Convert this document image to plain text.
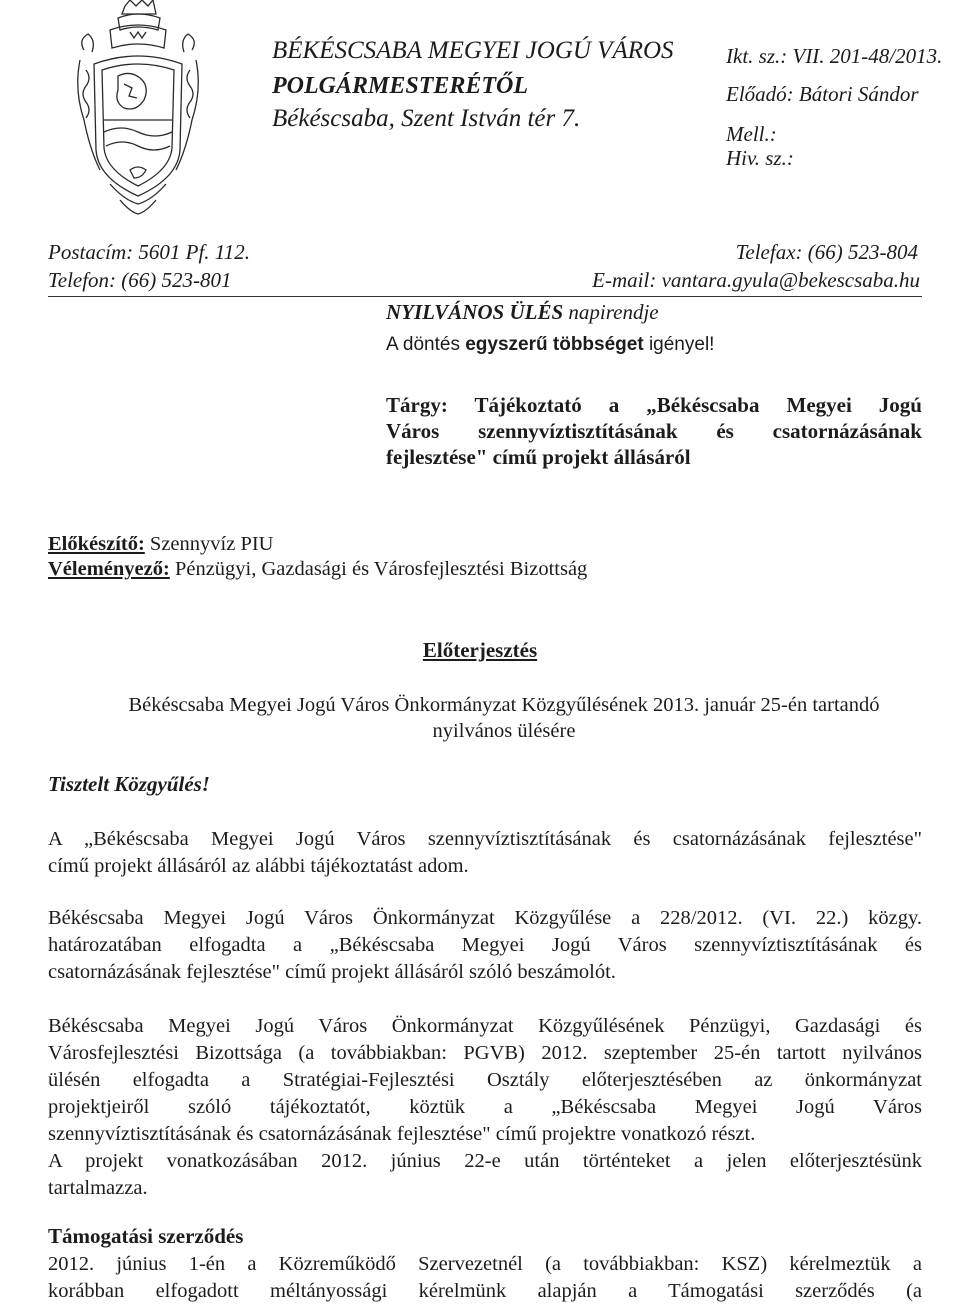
BÉKÉSCSABA MEGYEI JOGÚ VÁROS
POLGÁRMESTERÉTŐL
Békéscsaba, Szent István tér 7.
Ikt. sz.: VII. 201-48/2013.
Előadó: Bátori Sándor
Mell.:
Hiv. sz.:
Postacím: 5601 Pf. 112.
Telefon: (66) 523-801
Telefax: (66) 523-804
E-mail: vantara.gyula@bekescsaba.hu
NYILVÁNOS ÜLÉS napirendje
A döntés egyszerű többséget igényel!
Tárgy: Tájékoztató a „Békéscsaba Megyei Jogú
Város szennyvíztisztításának és csatornázásának
fejlesztése" című projekt állásáról
Előkészítő: Szennyvíz PIU
Véleményező: Pénzügyi, Gazdasági és Városfejlesztési Bizottság
Előterjesztés
Békéscsaba Megyei Jogú Város Önkormányzat Közgyűlésének 2013. január 25-én tartandó
nyilvános ülésére
Tisztelt Közgyűlés!
A „Békéscsaba Megyei Jogú Város szennyvíztisztításának és csatornázásának fejlesztése"
című projekt állásáról az alábbi tájékoztatást adom.
Békéscsaba Megyei Jogú Város Önkormányzat Közgyűlése a 228/2012. (VI. 22.) közgy.
határozatában elfogadta a „Békéscsaba Megyei Jogú Város szennyvíztisztításának és
csatornázásának fejlesztése" című projekt állásáról szóló beszámolót.
Békéscsaba Megyei Jogú Város Önkormányzat Közgyűlésének Pénzügyi, Gazdasági és
Városfejlesztési Bizottsága (a továbbiakban: PGVB) 2012. szeptember 25-én tartott nyilvános
ülésén elfogadta a Stratégiai-Fejlesztési Osztály előterjesztésében az önkormányzat
projektjeiről szóló tájékoztatót, köztük a „Békéscsaba Megyei Jogú Város
szennyvíztisztításának és csatornázásának fejlesztése" című projektre vonatkozó részt.
A projekt vonatkozásában 2012. június 22-e után történteket a jelen előterjesztésünk
tartalmazza.
Támogatási szerződés
2012. június 1-én a Közreműködő Szervezetnél (a továbbiakban: KSZ) kérelmeztük a
korábban elfogadott méltányossági kérelmünk alapján a Támogatási szerződés (a
